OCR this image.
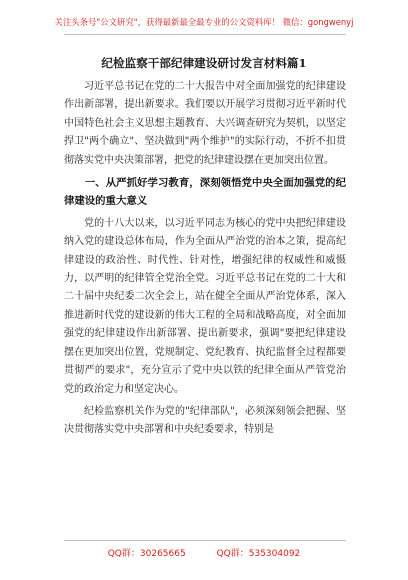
关注头条号"公文研究"，获得最新最全最专业的公文资料库！ 微信：gongwenyj
纪检监察干部纪律建设研讨发言材料篇1

习近平总书记在党的二十大报告中对全面加强党的纪律建设作出新部署，提出新要求。我们要以开展学习贯彻习近平新时代中国特色社会主义思想主题教育、大兴调查研究为契机，以坚定捍卫"两个确立"、坚决做到"两个维护"的实际行动，不折不扣贯彻落实党中央决策部署，把党的纪律建设摆在更加突出位置。

一、从严抓好学习教育，深刻领悟党中央全面加强党的纪律建设的重大意义

党的十八大以来，以习近平同志为核心的党中央把纪律建设纳入党的建设总体布局，作为全面从严治党的治本之策，提高纪律建设的政治性、时代性、针对性，增强纪律的权威性和威慑力，以严明的纪律管全党治全党。习近平总书记在党的二十大和二十届中央纪委二次全会上，站在健全全面从严治党体系，深入推进新时代党的建设新的伟大工程的全局和战略高度，对全面加强党的纪律建设作出新部署、提出新要求，强调"要把纪律建设摆在更加突出位置，党规制定、党纪教育、执纪监督全过程都要贯彻严的要求"，充分宣示了党中央以铁的纪律全面从严管党治党的政治定力和坚定决心。

纪检监察机关作为党的"纪律部队"，必须深刻领会把握、坚决贯彻落实党中央部署和中央纪委要求，特别是

QQ群：30265665	QQ群：535304092
